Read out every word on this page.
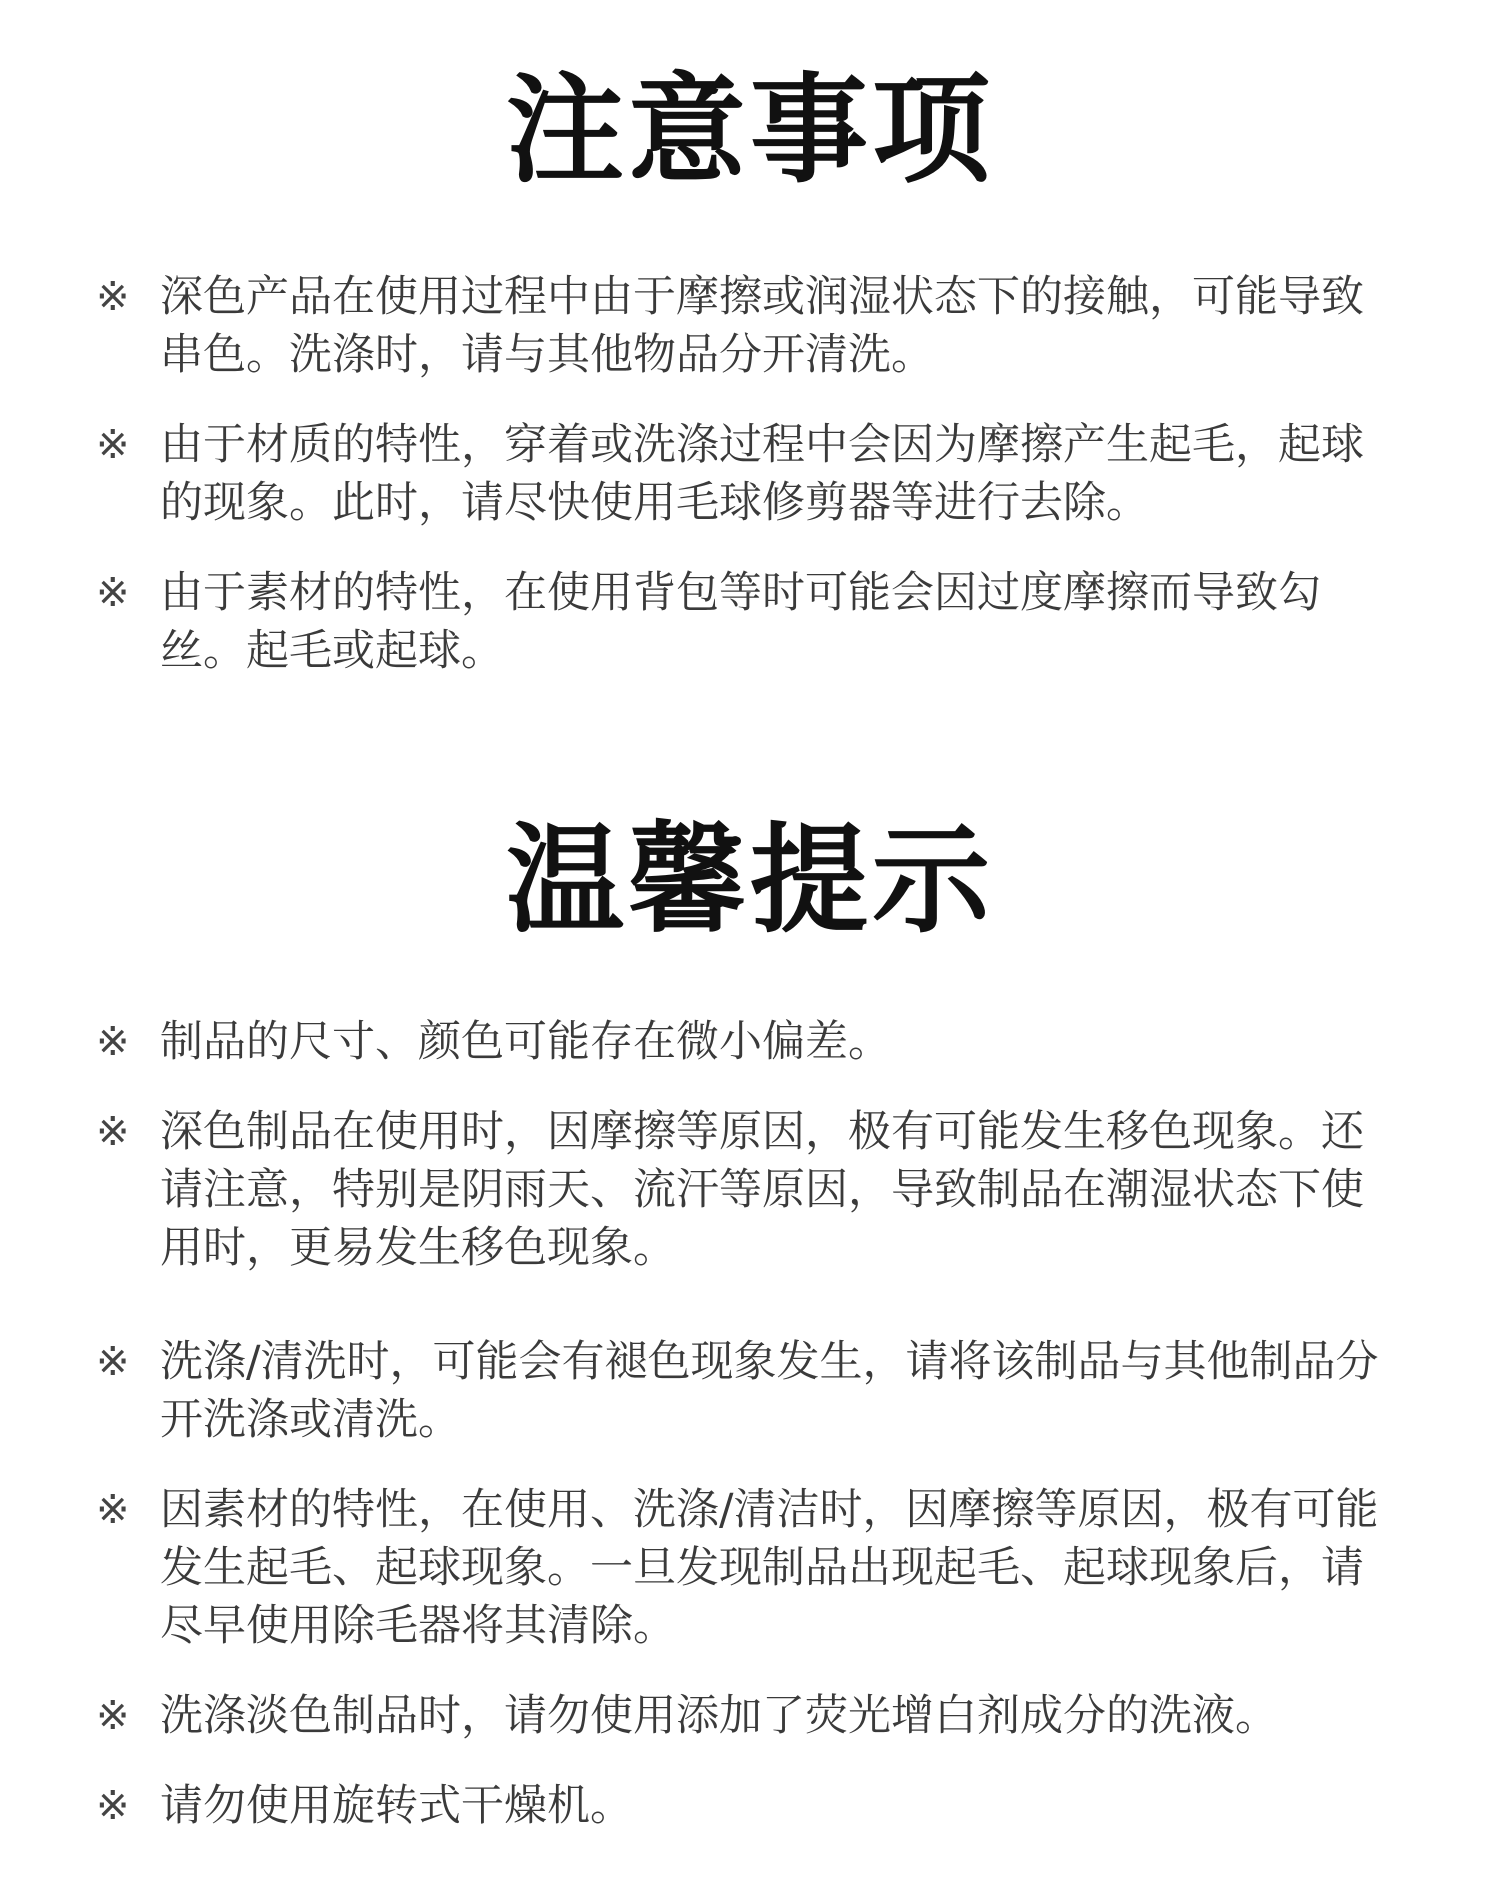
注意事项
※ 深色产品在使用过程中由于摩擦或润湿状态下的接触，可能导致串色。洗涤时，请与其他物品分开清洗。
※ 由于材质的特性，穿着或洗涤过程中会因为摩擦产生起毛，起球的现象。此时，请尽快使用毛球修剪器等进行去除。
※ 由于素材的特性，在使用背包等时可能会因过度摩擦而导致勾丝。起毛或起球。
温馨提示
※ 制品的尺寸、颜色可能存在微小偏差。
※ 深色制品在使用时，因摩擦等原因，极有可能发生移色现象。还请注意，特别是阴雨天、流汗等原因，导致制品在潮湿状态下使用时，更易发生移色现象。
※ 洗涤/清洗时，可能会有褪色现象发生，请将该制品与其他制品分开洗涤或清洗。
※ 因素材的特性，在使用、洗涤/清洁时，因摩擦等原因，极有可能发生起毛、起球现象。一旦发现制品出现起毛、起球现象后，请尽早使用除毛器将其清除。
※ 洗涤淡色制品时，请勿使用添加了荧光增白剂成分的洗液。
※ 请勿使用旋转式干燥机。
